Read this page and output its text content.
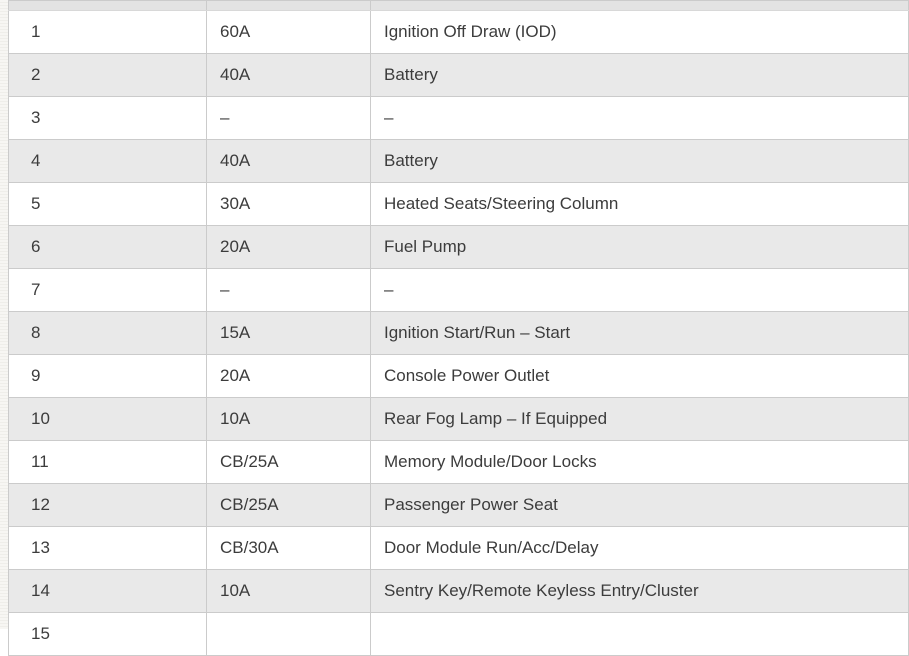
1	60A	Ignition Off Draw (IOD)
2	40A	Battery
3	–	–
4	40A	Battery
5	30A	Heated Seats/Steering Column
6	20A	Fuel Pump
7	–	–
8	15A	Ignition Start/Run – Start
9	20A	Console Power Outlet
10	10A	Rear Fog Lamp – If Equipped
11	CB/25A	Memory Module/Door Locks
12	CB/25A	Passenger Power Seat
13	CB/30A	Door Module Run/Acc/Delay
14	10A	Sentry Key/Remote Keyless Entry/Cluster
15		
